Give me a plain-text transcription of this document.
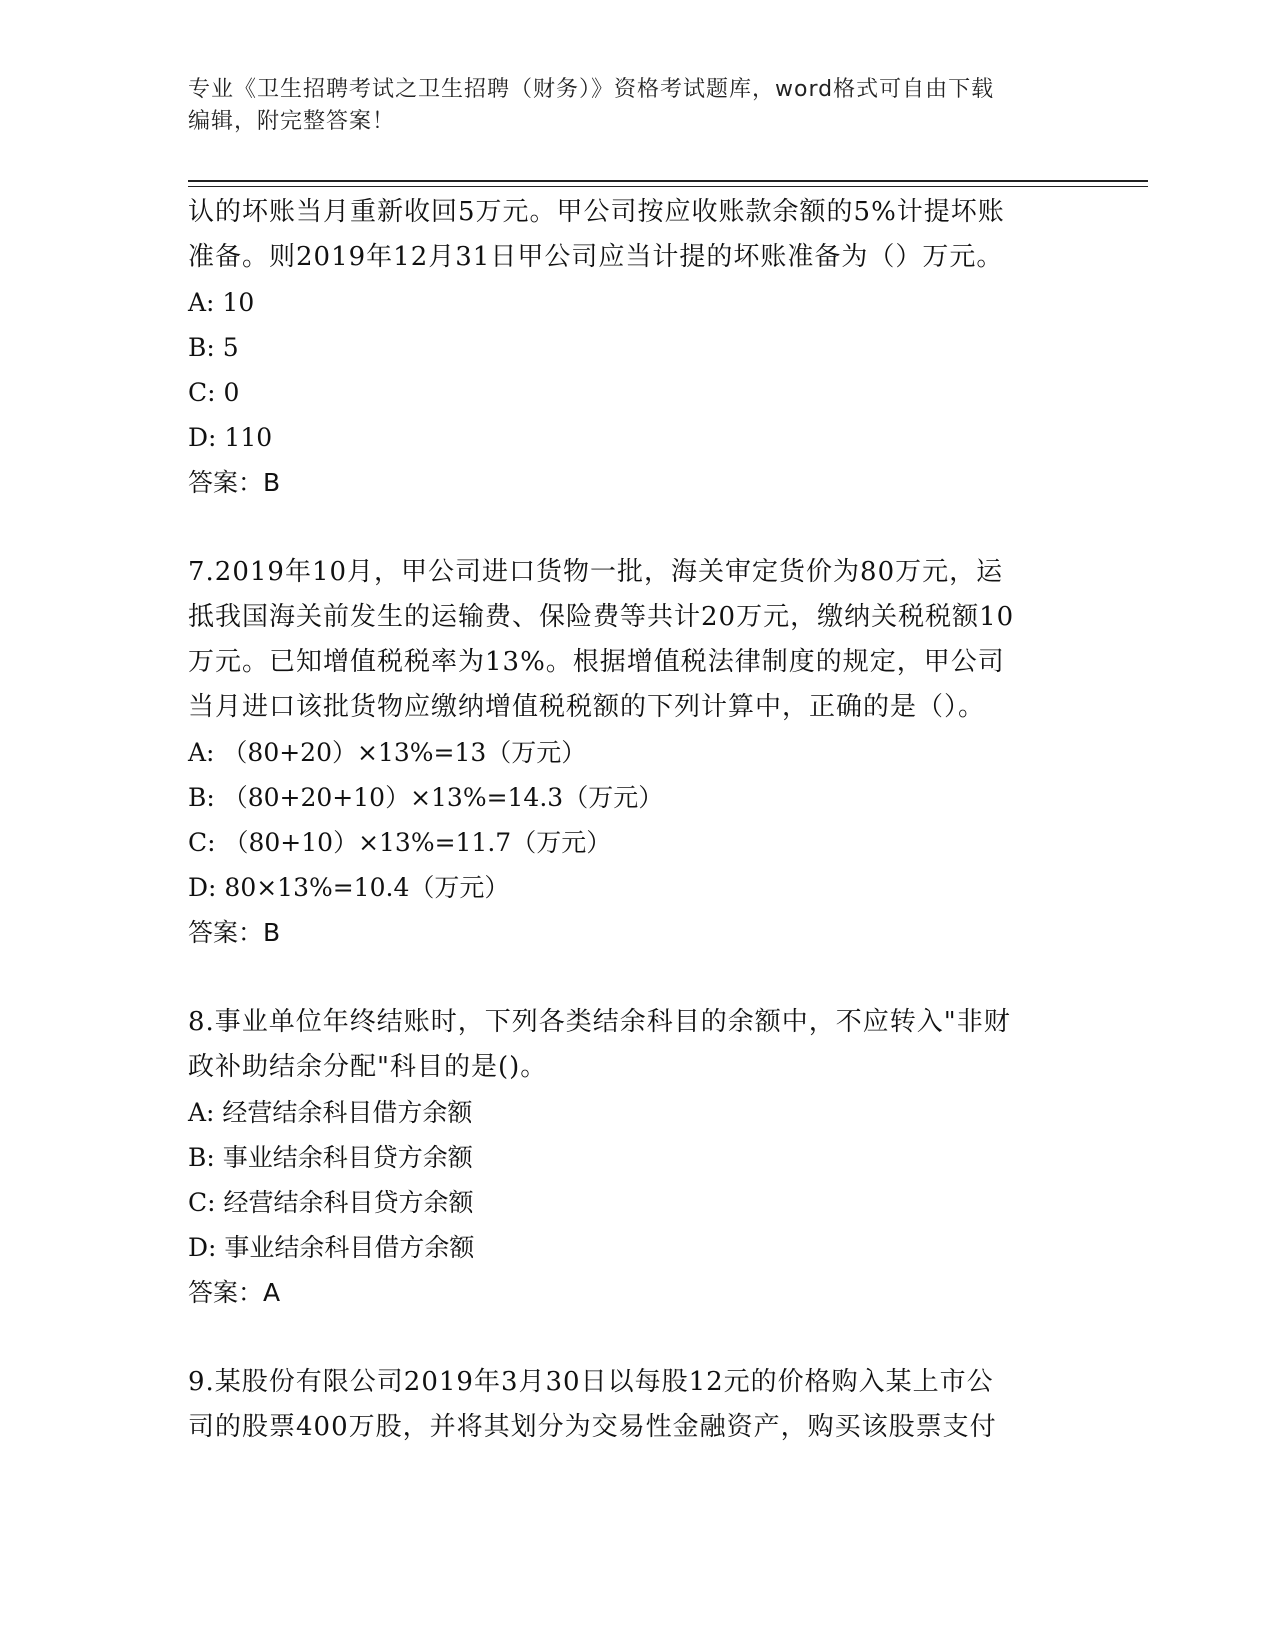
专业《卫生招聘考试之卫生招聘（财务）》资格考试题库，word格式可自由下载
编辑，附完整答案！
认的坏账当月重新收回5万元。甲公司按应收账款余额的5%计提坏账
准备。则2019年12月31日甲公司应当计提的坏账准备为（）万元。
A: 10
B: 5
C: 0
D: 110
答案：B
7.2019年10月，甲公司进口货物一批，海关审定货价为80万元，运
抵我国海关前发生的运输费、保险费等共计20万元，缴纳关税税额10
万元。已知增值税税率为13%。根据增值税法律制度的规定，甲公司
当月进口该批货物应缴纳增值税税额的下列计算中，正确的是（）。
A: （80+20）×13%=13（万元）
B: （80+20+10）×13%=14.3（万元）
C: （80+10）×13%=11.7（万元）
D: 80×13%=10.4（万元）
答案：B
8.事业单位年终结账时，下列各类结余科目的余额中，不应转入"非财
政补助结余分配"科目的是()。
A: 经营结余科目借方余额
B: 事业结余科目贷方余额
C: 经营结余科目贷方余额
D: 事业结余科目借方余额
答案：A
9.某股份有限公司2019年3月30日以每股12元的价格购入某上市公
司的股票400万股，并将其划分为交易性金融资产，购买该股票支付
